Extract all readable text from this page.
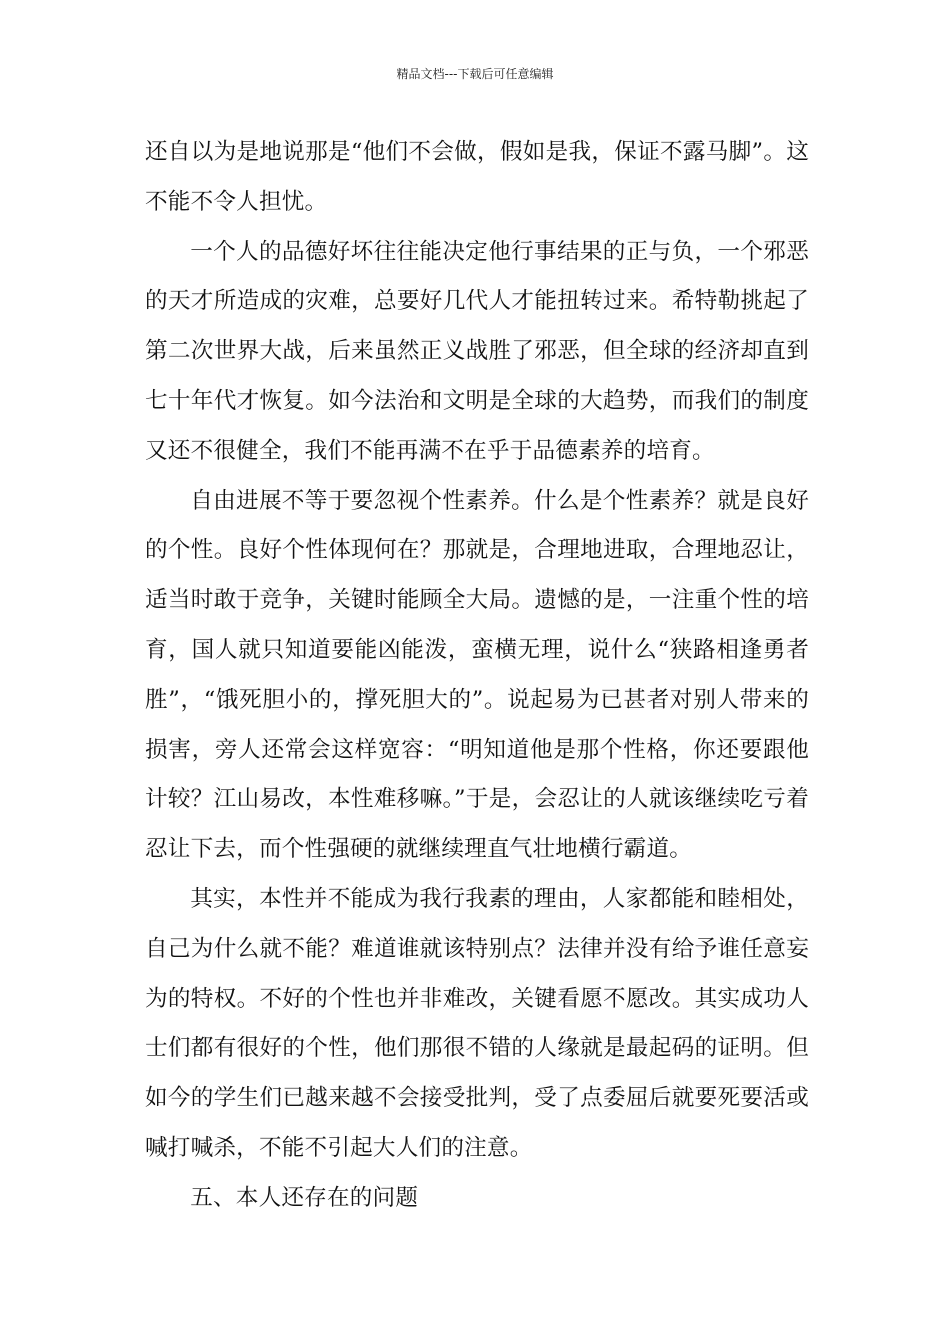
精品文档---下载后可任意编辑

还自以为是地说那是“他们不会做，假如是我，保证不露马脚”。这不能不令人担忧。

一个人的品德好坏往往能决定他行事结果的正与负，一个邪恶的天才所造成的灾难，总要好几代人才能扭转过来。希特勒挑起了第二次世界大战，后来虽然正义战胜了邪恶，但全球的经济却直到七十年代才恢复。如今法治和文明是全球的大趋势，而我们的制度又还不很健全，我们不能再满不在乎于品德素养的培育。

自由进展不等于要忽视个性素养。什么是个性素养？就是良好的个性。良好个性体现何在？那就是，合理地进取，合理地忍让，适当时敢于竞争，关键时能顾全大局。遗憾的是，一注重个性的培育，国人就只知道要能凶能泼，蛮横无理，说什么“狭路相逢勇者胜”，“饿死胆小的，撑死胆大的”。说起易为已甚者对别人带来的损害，旁人还常会这样宽容：“明知道他是那个性格，你还要跟他计较？江山易改，本性难移嘛。”于是，会忍让的人就该继续吃亏着忍让下去，而个性强硬的就继续理直气壮地横行霸道。

其实，本性并不能成为我行我素的理由，人家都能和睦相处，自己为什么就不能？难道谁就该特别点？法律并没有给予谁任意妄为的特权。不好的个性也并非难改，关键看愿不愿改。其实成功人士们都有很好的个性，他们那很不错的人缘就是最起码的证明。但如今的学生们已越来越不会接受批判，受了点委屈后就要死要活或喊打喊杀，不能不引起大人们的注意。

五、本人还存在的问题
